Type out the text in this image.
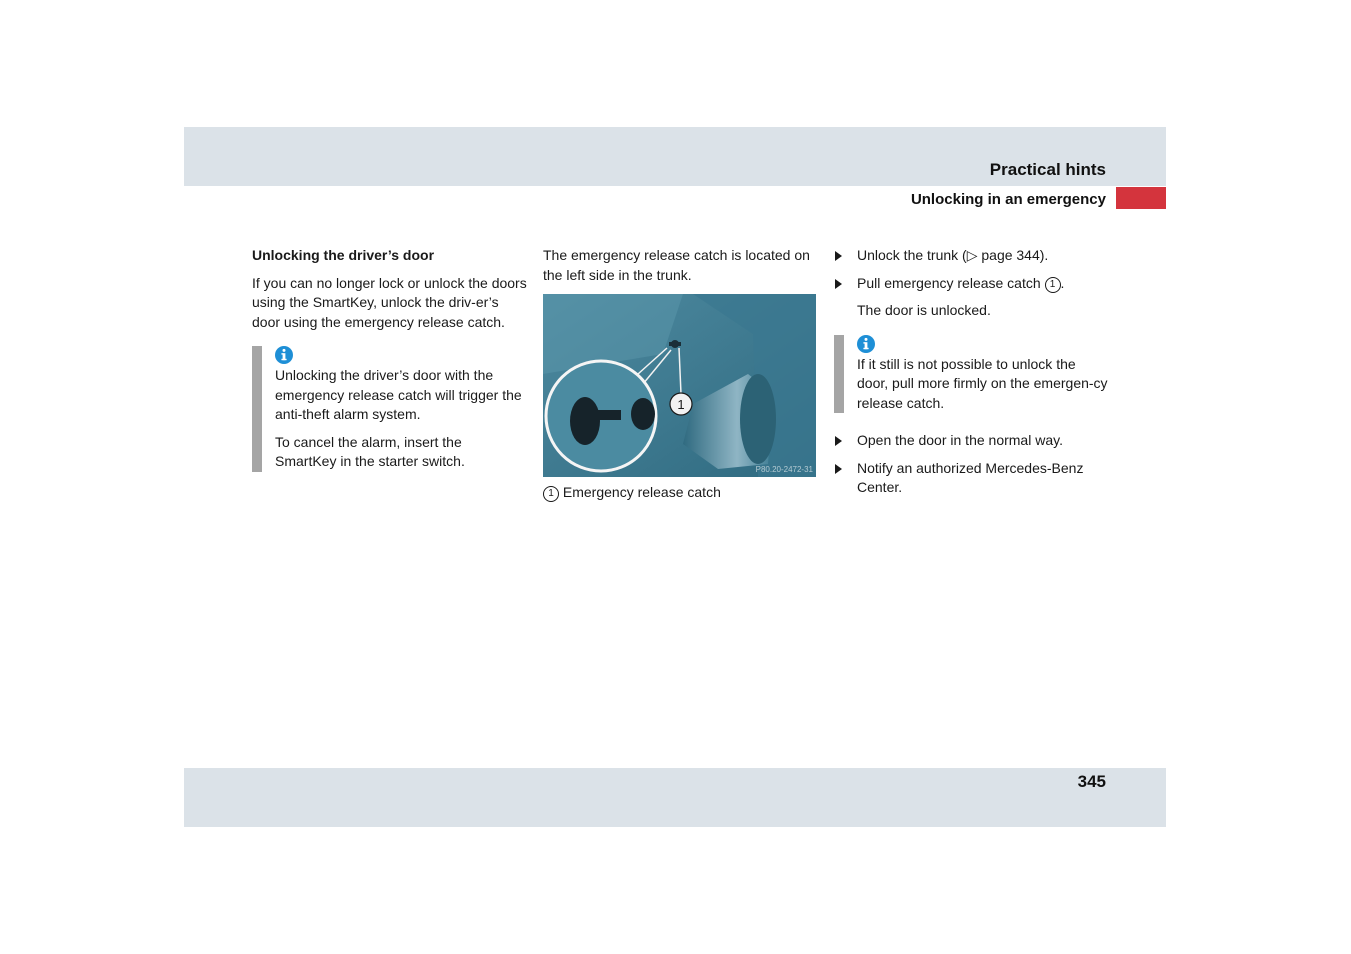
Practical hints
Unlocking in an emergency
Unlocking the driver’s door

If you can no longer lock or unlock the doors using the SmartKey, unlock the driv-er’s door using the emergency release catch.

Unlocking the driver’s door with the emergency release catch will trigger the anti-theft alarm system.

To cancel the alarm, insert the SmartKey in the starter switch.

The emergency release catch is located on the left side in the trunk.

1
P80.20-2472-31

1 Emergency release catch

Unlock the trunk (▷ page 344).
Pull emergency release catch 1 .

The door is unlocked.

If it still is not possible to unlock the door, pull more firmly on the emergen-cy release catch.

Open the door in the normal way.
Notify an authorized Mercedes-Benz Center.
345
